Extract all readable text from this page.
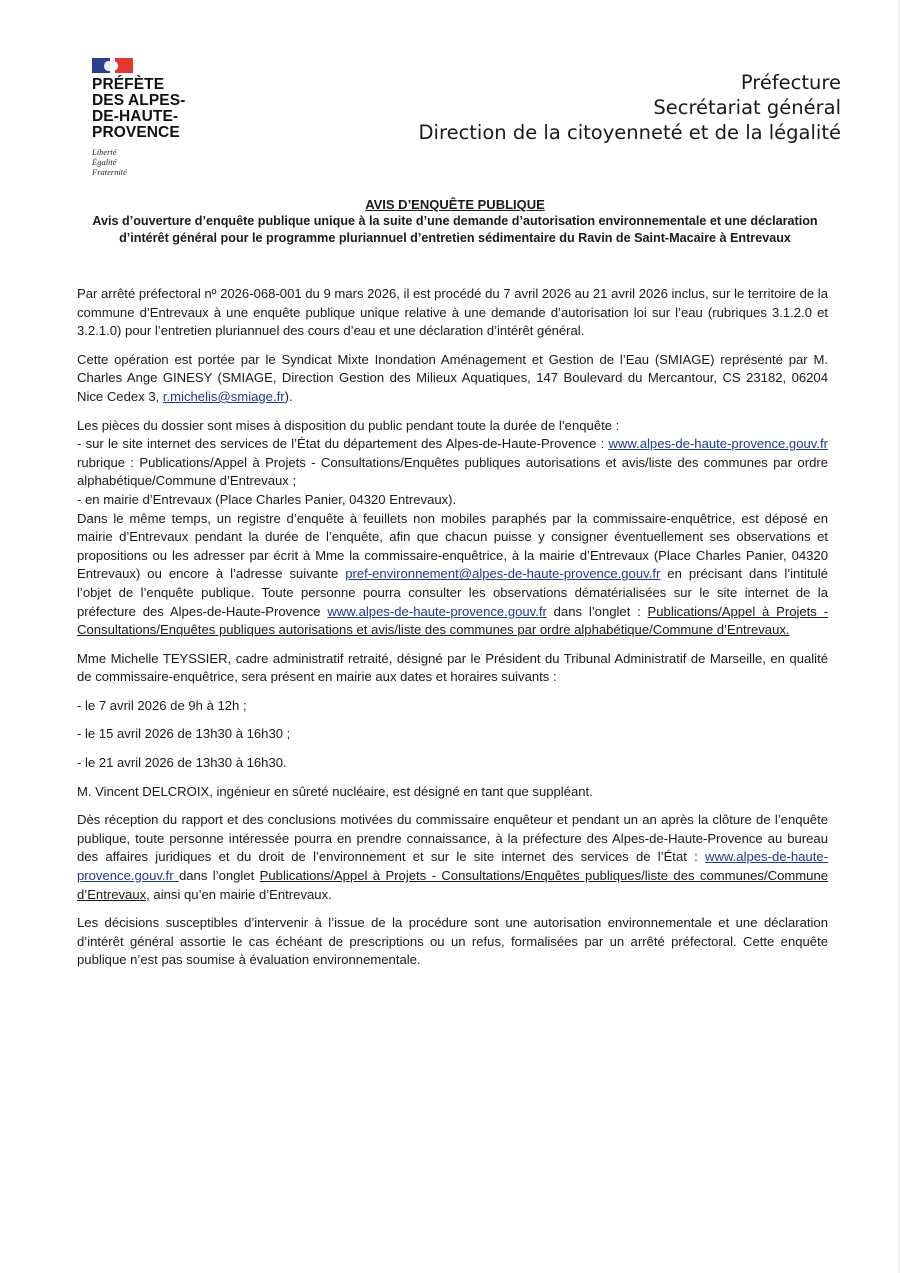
PRÉFÈTE
DES ALPES-
DE-HAUTE-
PROVENCE
Liberté
Égalité
Fraternité
Préfecture
Secrétariat général
Direction de la citoyenneté et de la légalité
AVIS D’ENQUÊTE PUBLIQUE
Avis d’ouverture d’enquête publique unique à la suite d’une demande d’autorisation environnementale et une déclaration d’intérêt général pour le programme pluriannuel d’entretien sédimentaire du Ravin de Saint-Macaire à Entrevaux

Par arrêté préfectoral nº 2026-068-001 du 9 mars 2026, il est procédé du 7 avril 2026 au 21 avril 2026 inclus, sur le territoire de la commune d’Entrevaux à une enquête publique unique relative à une demande d’autorisation loi sur l’eau (rubriques 3.1.2.0 et 3.2.1.0) pour l’entretien pluriannuel des cours d’eau et une déclaration d’intérêt général.

Cette opération est portée par le Syndicat Mixte Inondation Aménagement et Gestion de l’Eau (SMIAGE) représenté par M. Charles Ange GINESY (SMIAGE, Direction Gestion des Milieux Aquatiques, 147 Boulevard du Mercantour, CS 23182, 06204 Nice Cedex 3, r.michelis@smiage.fr).

Les pièces du dossier sont mises à disposition du public pendant toute la durée de l’enquête :

- sur le site internet des services de l’État du département des Alpes-de-Haute-Provence : www.alpes-de-haute-provence.gouv.fr rubrique : Publications/Appel à Projets - Consultations/Enquêtes publiques autorisations et avis/liste des communes par ordre alphabétique/Commune d’Entrevaux ;

- en mairie d’Entrevaux (Place Charles Panier, 04320 Entrevaux).

Dans le même temps, un registre d’enquête à feuillets non mobiles paraphés par la commissaire-enquêtrice, est déposé en mairie d’Entrevaux pendant la durée de l’enquête, afin que chacun puisse y consigner éventuellement ses observations et propositions ou les adresser par écrit à Mme la commissaire-enquêtrice, à la mairie d’Entrevaux (Place Charles Panier, 04320 Entrevaux) ou encore à l’adresse suivante pref-environnement@alpes-de-haute-provence.gouv.fr en précisant dans l’intitulé l’objet de l’enquête publique. Toute personne pourra consulter les observations dématérialisées sur le site internet de la préfecture des Alpes-de-Haute-Provence www.alpes-de-haute-provence.gouv.fr dans l’onglet : Publications/Appel à Projets - Consultations/Enquêtes publiques autorisations et avis/liste des communes par ordre alphabétique/Commune d’Entrevaux.

Mme Michelle TEYSSIER, cadre administratif retraité, désigné par le Président du Tribunal Administratif de Marseille, en qualité de commissaire-enquêtrice, sera présent en mairie aux dates et horaires suivants :

- le 7 avril 2026 de 9h à 12h ;

- le 15 avril 2026 de 13h30 à 16h30 ;

- le 21 avril 2026 de 13h30 à 16h30.

M. Vincent DELCROIX, ingénieur en sûreté nucléaire, est désigné en tant que suppléant.

Dès réception du rapport et des conclusions motivées du commissaire enquêteur et pendant un an après la clôture de l’enquête publique, toute personne intéressée pourra en prendre connaissance, à la préfecture des Alpes-de-Haute-Provence au bureau des affaires juridiques et du droit de l’environnement et sur le site internet des services de l’État : www.alpes-de-haute-provence.gouv.fr dans l’onglet Publications/Appel à Projets - Consultations/Enquêtes publiques/liste des communes/Commune d’Entrevaux, ainsi qu’en mairie d’Entrevaux.

Les décisions susceptibles d’intervenir à l’issue de la procédure sont une autorisation environnementale et une déclaration d’intérêt général assortie le cas échéant de prescriptions ou un refus, formalisées par un arrêté préfectoral. Cette enquête publique n’est pas soumise à évaluation environnementale.
